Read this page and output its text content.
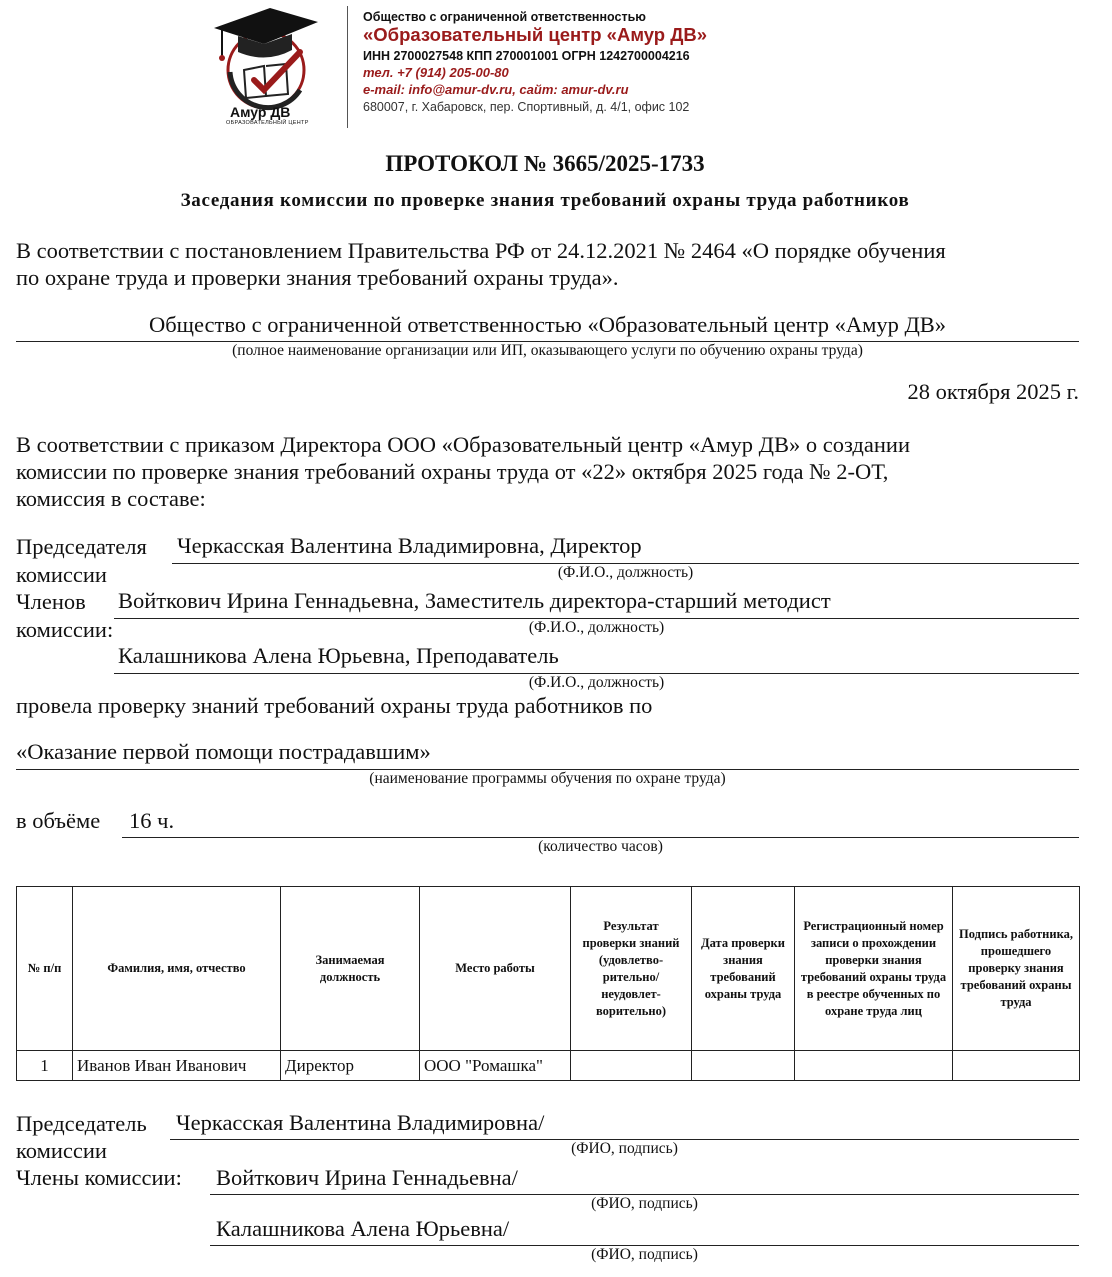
Амур ДВ
ОБРАЗОВАТЕЛЬНЫЙ ЦЕНТР
Общество с ограниченной ответственностью
«Образовательный центр «Амур ДВ»
ИНН 2700027548 КПП 270001001 ОГРН 1242700004216
тел. +7 (914) 205-00-80
e-mail: info@amur-dv.ru, сайт: amur-dv.ru
680007, г. Хабаровск, пер. Спортивный, д. 4/1, офис 102
ПРОТОКОЛ № 3665/2025-1733
Заседания комиссии по проверке знания требований охраны труда работников
В соответствии с постановлением Правительства РФ от 24.12.2021 № 2464 «О порядке обучения
по охране труда и проверки знания требований охраны труда».
Общество с ограниченной ответственностью «Образовательный центр «Амур ДВ»
(полное наименование организации или ИП, оказывающего услуги по обучению охраны труда)
28 октября 2025 г.
В соответствии с приказом Директора ООО «Образовательный центр «Амур ДВ» о создании
комиссии по проверке знания требований охраны труда от «22» октября 2025 года № 2-ОТ,
комиссия в составе:
Председателя
комиссии
Черкасская Валентина Владимировна, Директор
(Ф.И.О., должность)
Членов
комиссии:
Войткович Ирина Геннадьевна, Заместитель директора-старший методист
(Ф.И.О., должность)
Калашникова Алена Юрьевна, Преподаватель
(Ф.И.О., должность)
провела проверку знаний требований охраны труда работников по
«Оказание первой помощи пострадавшим»
(наименование программы обучения по охране труда)
в объёме 16 ч.
(количество часов)
№ п/п	Фамилия, имя, отчество	Занимаемая должность	Место работы	Результат проверки знаний (удовлетво-рительно/ неудовлет-ворительно)	Дата проверки знания требований охраны труда	Регистрационный номер записи о прохождении проверки знания требований охраны труда в реестре обученных по охране труда лиц	Подпись работника, прошедшего проверку знания требований охраны труда
1	Иванов Иван Иванович	Директор	ООО "Ромашка"				
Председатель
комиссии
Черкасская Валентина Владимировна/
(ФИО, подпись)
Члены комиссии: Войткович Ирина Геннадьевна/
(ФИО, подпись)
Калашникова Алена Юрьевна/
(ФИО, подпись)
